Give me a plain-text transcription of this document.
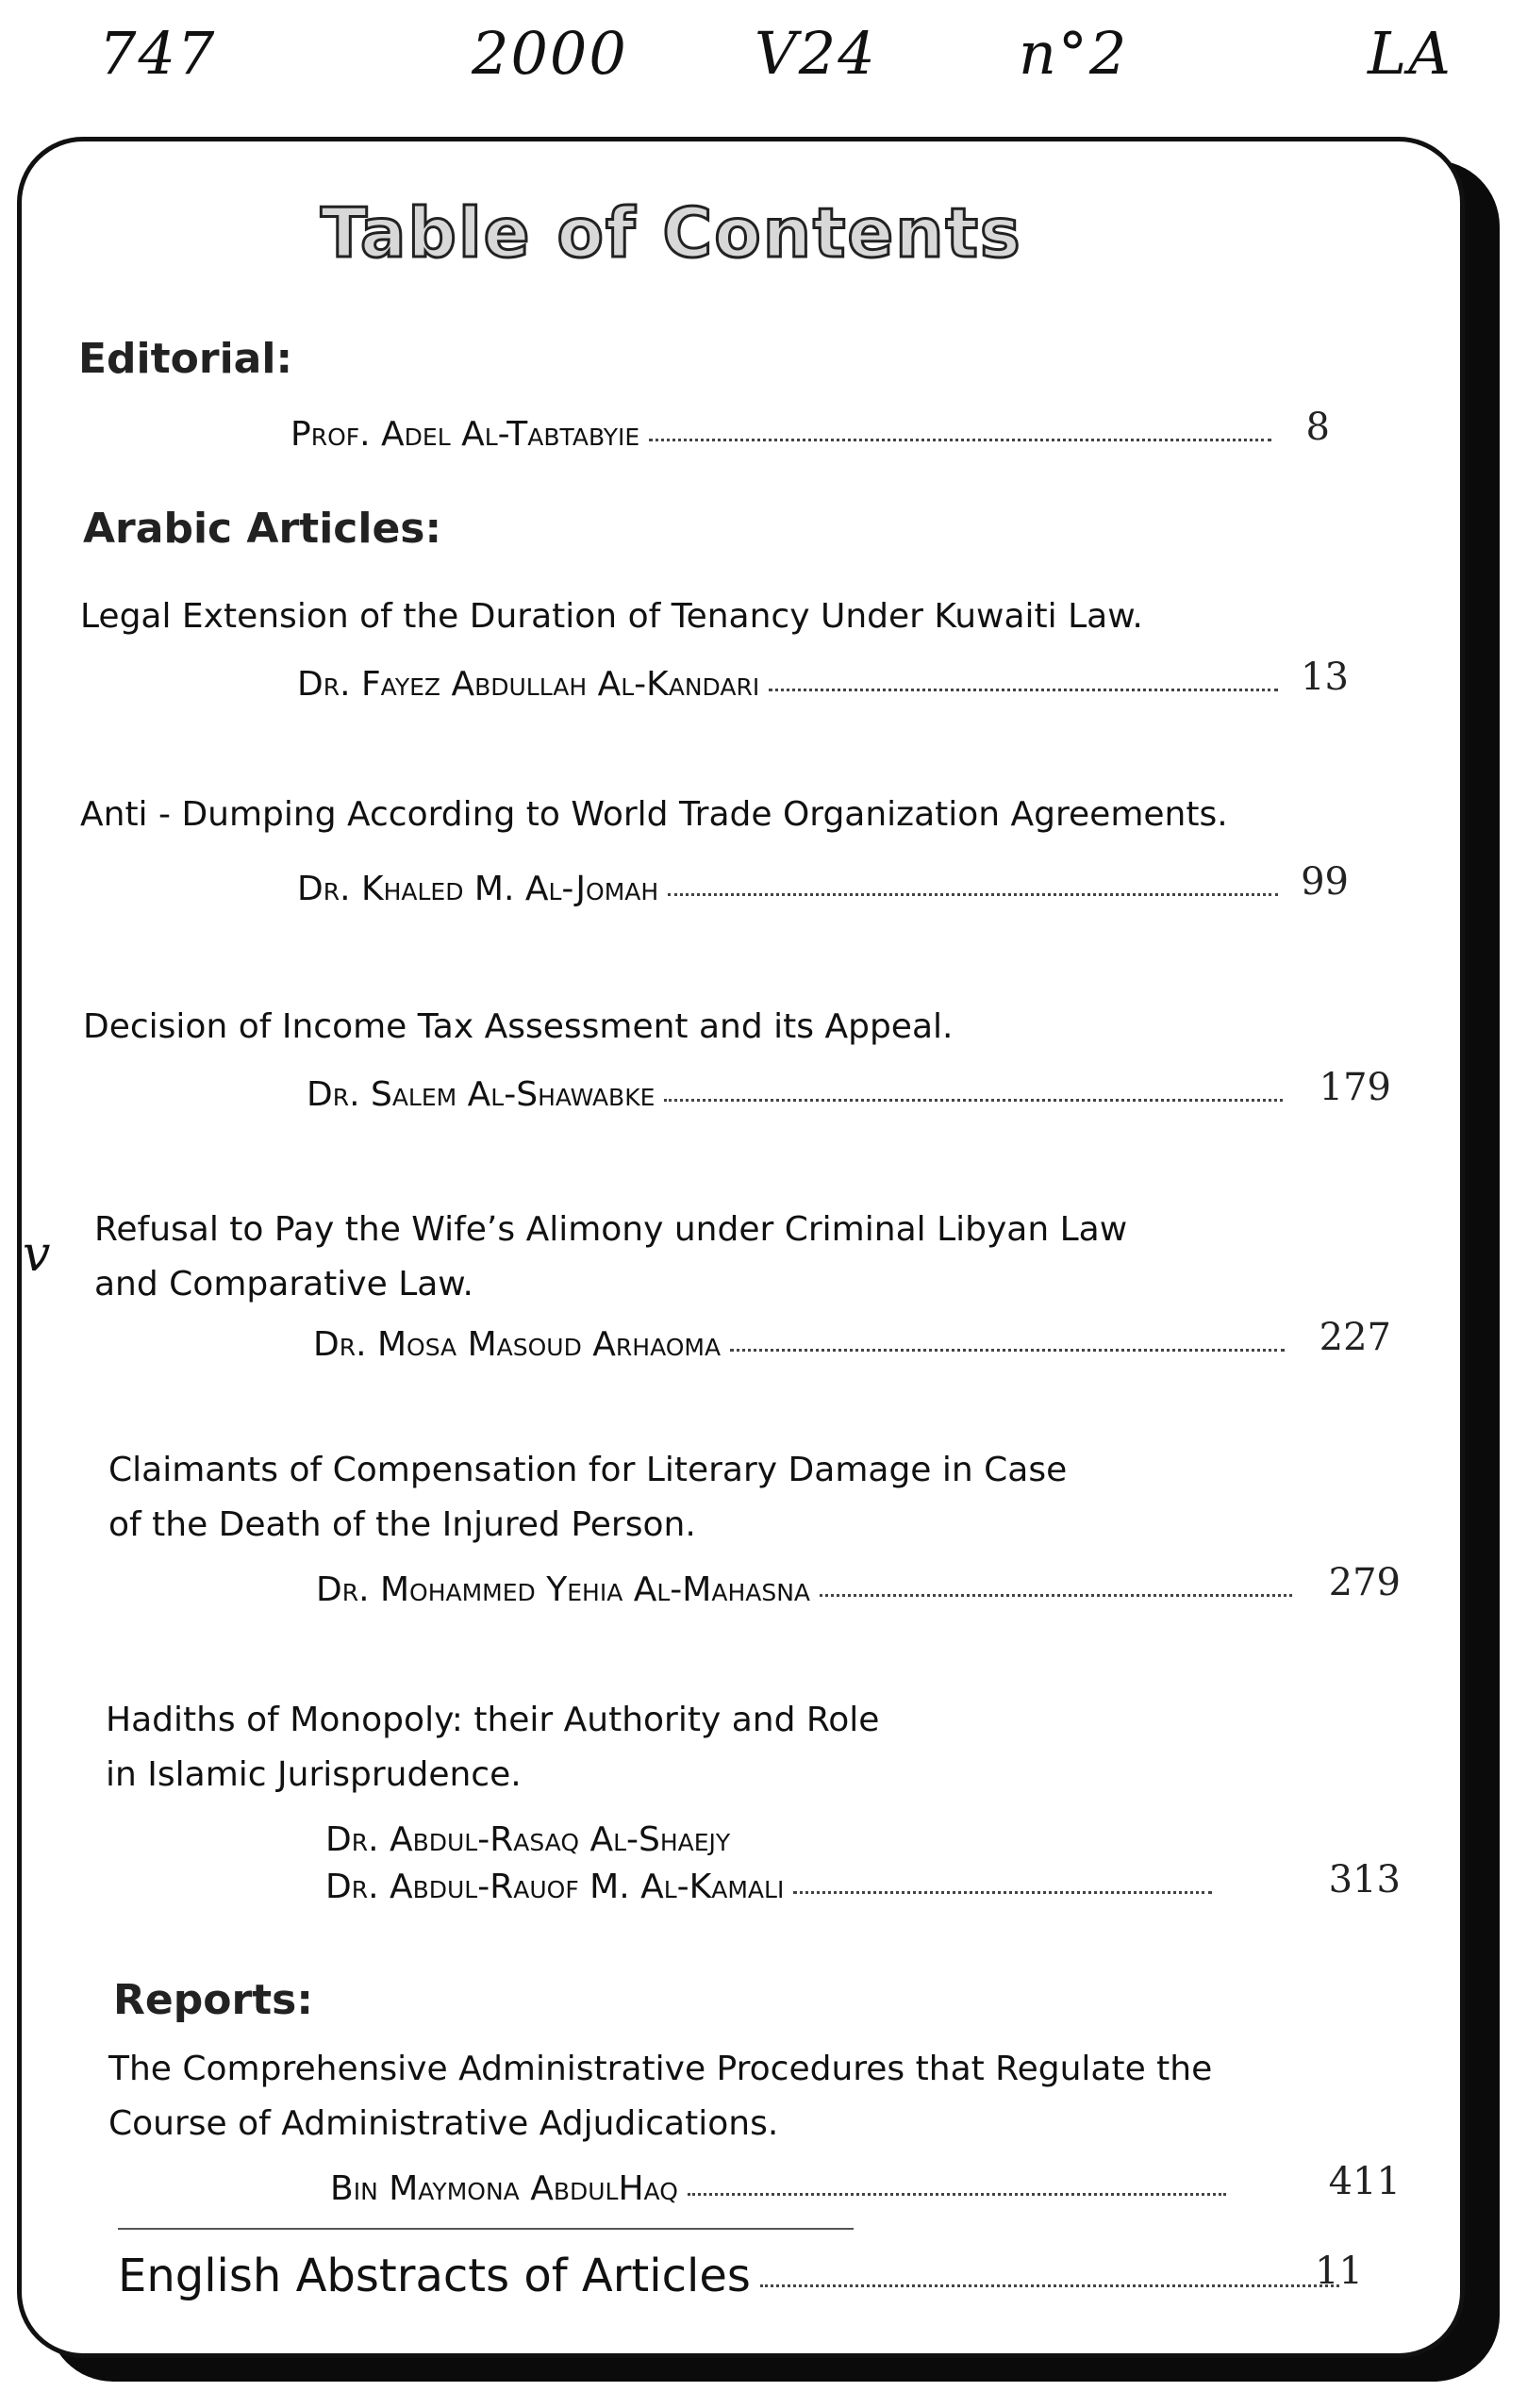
747	2000 V24 n°2	LA
v
Table of Contents
Editorial:
Prof. Adel Al-Tabtabyie	8
Arabic Articles:
Legal Extension of the Duration of Tenancy Under Kuwaiti Law.
Dr. Fayez Abdullah Al-Kandari	13
Anti - Dumping According to World Trade Organization Agreements.
Dr. Khaled M. Al-Jomah	99
Decision of Income Tax Assessment and its Appeal.
Dr. Salem Al-Shawabke	179
Refusal to Pay the Wife’s Alimony under Criminal Libyan Law
and Comparative Law.
Dr. Mosa Masoud Arhaoma	227
Claimants of Compensation for Literary Damage in Case
of the Death of the Injured Person.
Dr. Mohammed Yehia Al-Mahasna	279
Hadiths of Monopoly: their Authority and Role
in Islamic Jurisprudence.
Dr. Abdul-Rasaq Al-Shaejy
Dr. Abdul-Rauof M. Al-Kamali	313
Reports:
The Comprehensive Administrative Procedures that Regulate the
Course of Administrative Adjudications.
Bin Maymona AbdulHaq	411
English Abstracts of Articles	11
